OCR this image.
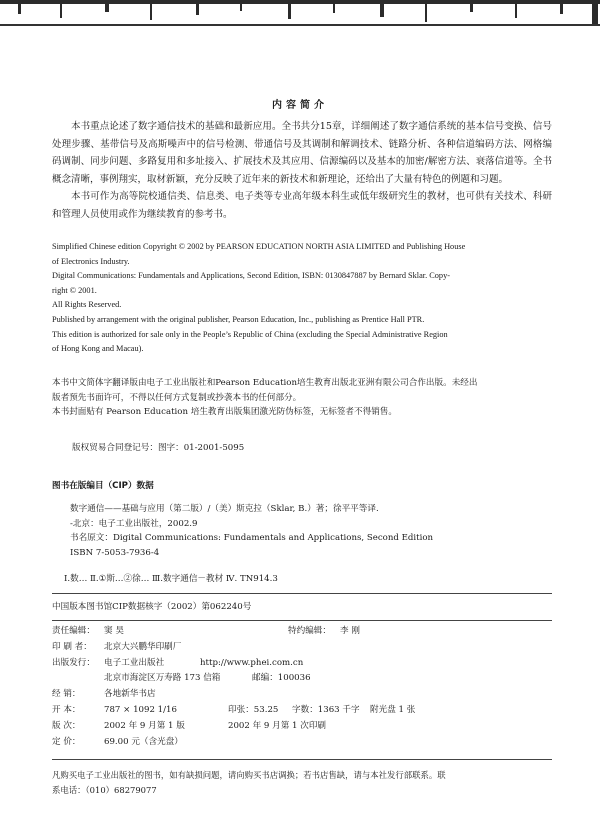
内容简介

本书重点论述了数字通信技术的基础和最新应用。全书共分15章，详细阐述了数字通信系统的基本信号变换、信号处理步骤、基带信号及高斯噪声中的信号检测、带通信号及其调制和解调技术、链路分析、各种信道编码方法、网格编码调制、同步问题、多路复用和多址接入、扩展技术及其应用、信源编码以及基本的加密/解密方法、衰落信道等。全书概念清晰，事例翔实，取材新颖，充分反映了近年来的新技术和新理论，还给出了大量有特色的例题和习题。

本书可作为高等院校通信类、信息类、电子类等专业高年级本科生或低年级研究生的教材，也可供有关技术、科研和管理人员使用或作为继续教育的参考书。

Simplified Chinese edition Copyright © 2002 by PEARSON EDUCATION NORTH ASIA LIMITED and Publishing House
of Electronics Industry.
Digital Communications: Fundamentals and Applications, Second Edition, ISBN: 0130847887 by Bernard Sklar. Copy-
right © 2001.
All Rights Reserved.
Published by arrangement with the original publisher, Pearson Education, Inc., publishing as Prentice Hall PTR.
This edition is authorized for sale only in the People’s Republic of China (excluding the Special Administrative Region
of Hong Kong and Macau).
本书中文简体字翻译版由电子工业出版社和Pearson Education培生教育出版北亚洲有限公司合作出版。未经出
版者预先书面许可，不得以任何方式复制或抄袭本书的任何部分。
本书封面贴有 Pearson Education 培生教育出版集团激光防伪标签，无标签者不得销售。
版权贸易合同登记号：图字：01-2001-5095
图书在版编目（CIP）数据
数字通信——基础与应用（第二版）/（美）斯克拉（Sklar, B.）著；徐平平等译.
-北京：电子工业出版社，2002.9
书名原文：Digital Communications: Fundamentals and Applications, Second Edition
ISBN 7-5053-7936-4
Ⅰ.数… Ⅱ.①斯…②徐… Ⅲ.数字通信－教材 Ⅳ. TN914.3
中国版本图书馆CIP数据核字（2002）第062240号
责任编辑： 窦 昊	特约编辑： 李 刚
印 刷 者： 北京大兴鹏华印刷厂
出版发行： 电子工业出版社	http://www.phei.com.cn
北京市海淀区万寿路 173 信箱	邮编：100036
经 销：	各地新华书店
开 本：	787 × 1092 1/16	印张：53.25 字数：1363 千字 附光盘 1 张
版 次：	2002 年 9 月第 1 版	2002 年 9 月第 1 次印刷
定 价：	69.00 元（含光盘）
凡购买电子工业出版社的图书，如有缺损问题，请向购买书店调换；若书店售缺，请与本社发行部联系。联
系电话：（010）68279077
